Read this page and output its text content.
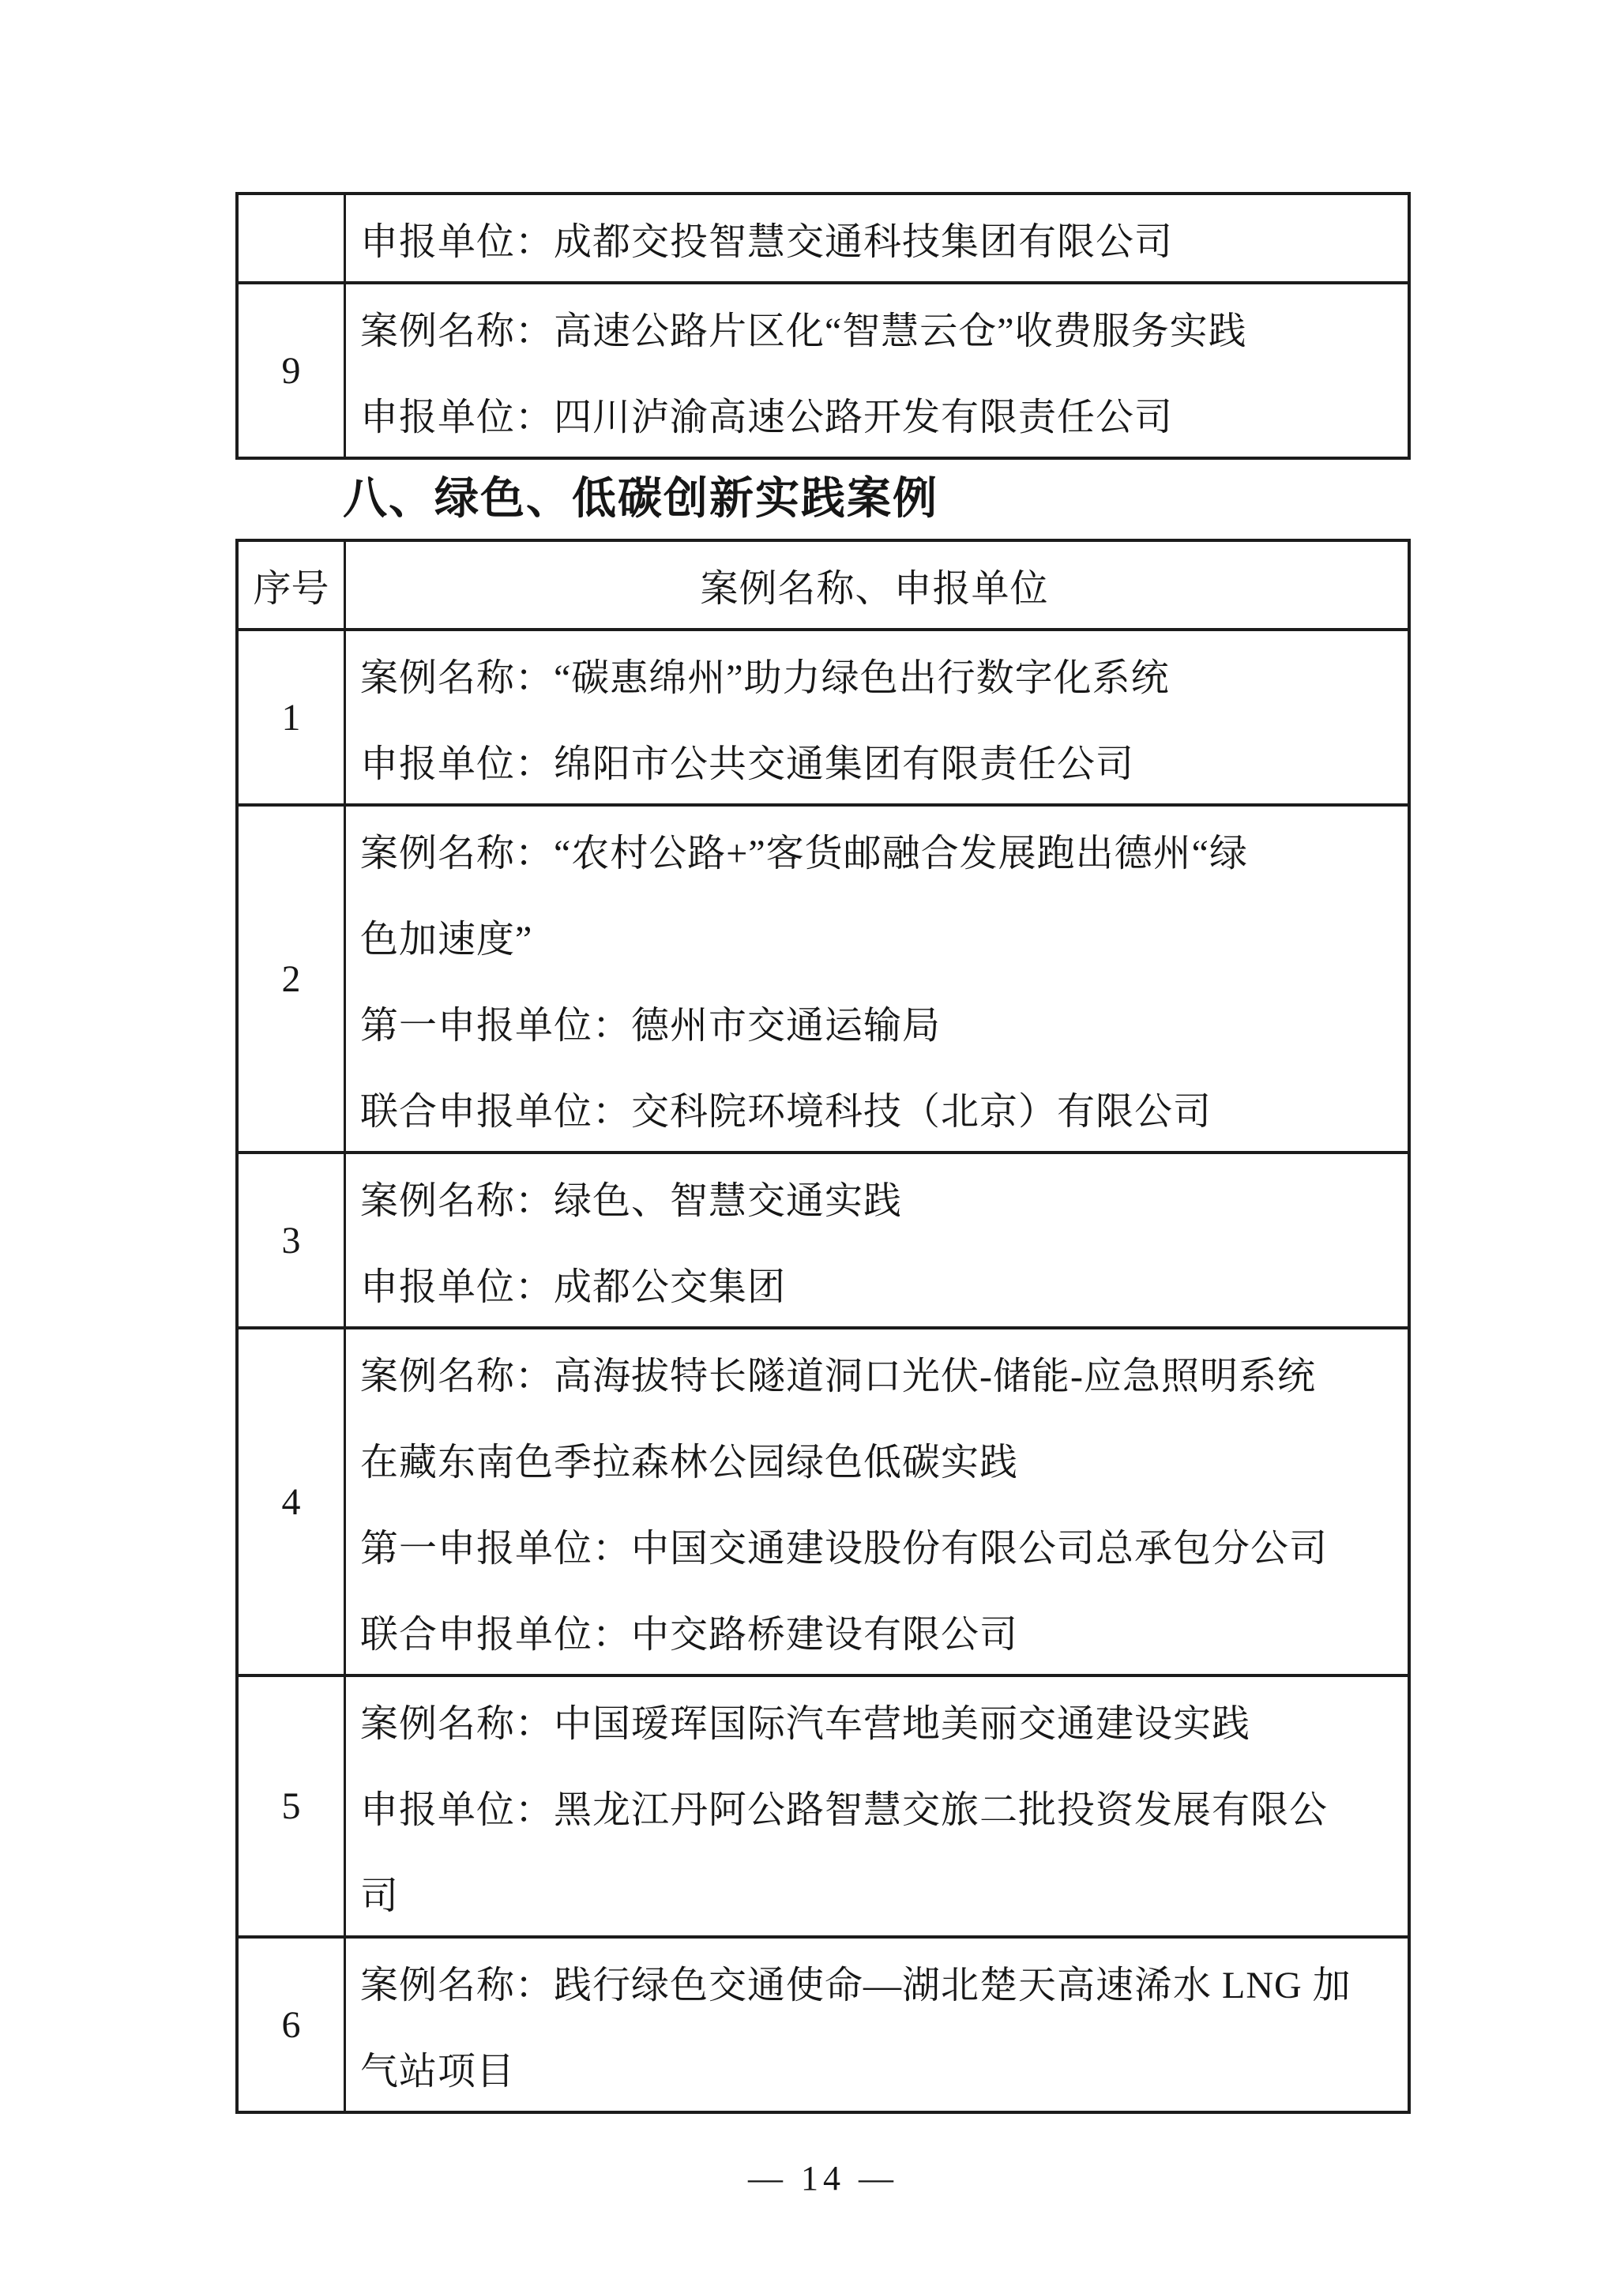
申报单位：成都交投智慧交通科技集团有限公司
9
案例名称：高速公路片区化“智慧云仓”收费服务实践
申报单位：四川泸渝高速公路开发有限责任公司
八、绿色、低碳创新实践案例
序号	案例名称、申报单位
1
案例名称：“碳惠绵州”助力绿色出行数字化系统
申报单位：绵阳市公共交通集团有限责任公司
2
案例名称：“农村公路+”客货邮融合发展跑出德州“绿
色加速度”
第一申报单位：德州市交通运输局
联合申报单位：交科院环境科技（北京）有限公司
3
案例名称：绿色、智慧交通实践
申报单位：成都公交集团
4
案例名称：高海拔特长隧道洞口光伏-储能-应急照明系统
在藏东南色季拉森林公园绿色低碳实践
第一申报单位：中国交通建设股份有限公司总承包分公司
联合申报单位：中交路桥建设有限公司
5
案例名称：中国瑷珲国际汽车营地美丽交通建设实践
申报单位：黑龙江丹阿公路智慧交旅二批投资发展有限公
司
6
案例名称：践行绿色交通使命—湖北楚天高速浠水 LNG 加
气站项目
— 14 —
